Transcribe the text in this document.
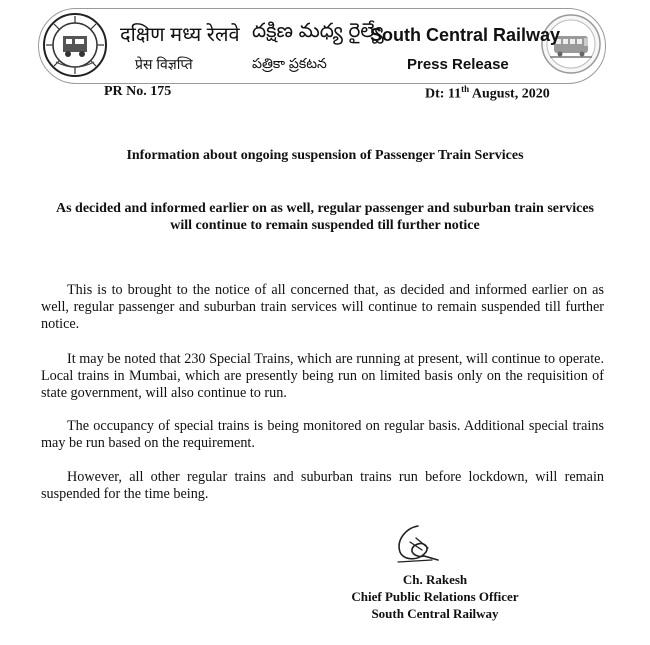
दक्षिण मध्य रेलवे దక్షిణ మధ్య రైల్వే
South Central Railway
प्रेस विज्ञप्ति	పత్రికా ప్రకటన	Press Release
PR No. 175	Dt: 11th August, 2020
Information about ongoing suspension of Passenger Train Services
As decided and informed earlier on as well, regular passenger and suburban train services will continue to remain suspended till further notice

This is to brought to the notice of all concerned that, as decided and informed earlier on as well, regular passenger and suburban train services will continue to remain suspended till further notice.

It may be noted that 230 Special Trains, which are running at present, will continue to operate. Local trains in Mumbai, which are presently being run on limited basis only on the requisition of state government, will also continue to run.

The occupancy of special trains is being monitored on regular basis. Additional special trains may be run based on the requirement.

However, all other regular trains and suburban trains run before lockdown, will remain suspended for the time being.

Ch. Rakesh
Chief Public Relations Officer
South Central Railway
